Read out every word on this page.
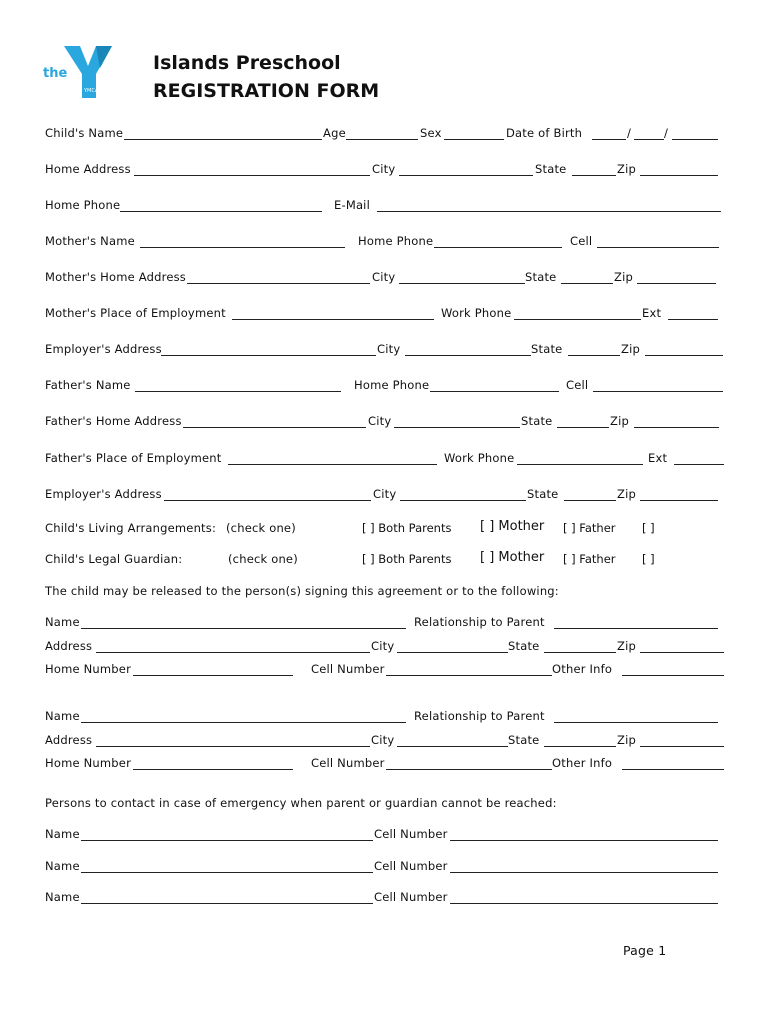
the
YMCA
Islands Preschool
REGISTRATION FORM
Child's Name	Age	Sex	Date of Birth	/	/
Home Address	City	State	Zip
Home Phone	E-Mail
Mother's Name	Home Phone	Cell
Mother's Home Address	City	State	Zip
Mother's Place of Employment	Work Phone	Ext
Employer's Address	City	State	Zip
Father's Name	Home Phone	Cell
Father's Home Address	City	State	Zip
Father's Place of Employment	Work Phone	Ext
Employer's Address	City	State	Zip
Child's Living Arrangements: (check one)	[ ] Both Parents [ ] Mother [ ] Father [ ]
Child's Legal Guardian:	(check one)	[ ] Both Parents [ ] Mother [ ] Father [ ]
The child may be released to the person(s) signing this agreement or to the following:
Name	Relationship to Parent
Address	City	State	Zip
Home Number	Cell Number	Other Info
Name	Relationship to Parent
Address	City	State	Zip
Home Number	Cell Number	Other Info
Persons to contact in case of emergency when parent or guardian cannot be reached:
Name	Cell Number
Name	Cell Number
Name	Cell Number
Page 1
